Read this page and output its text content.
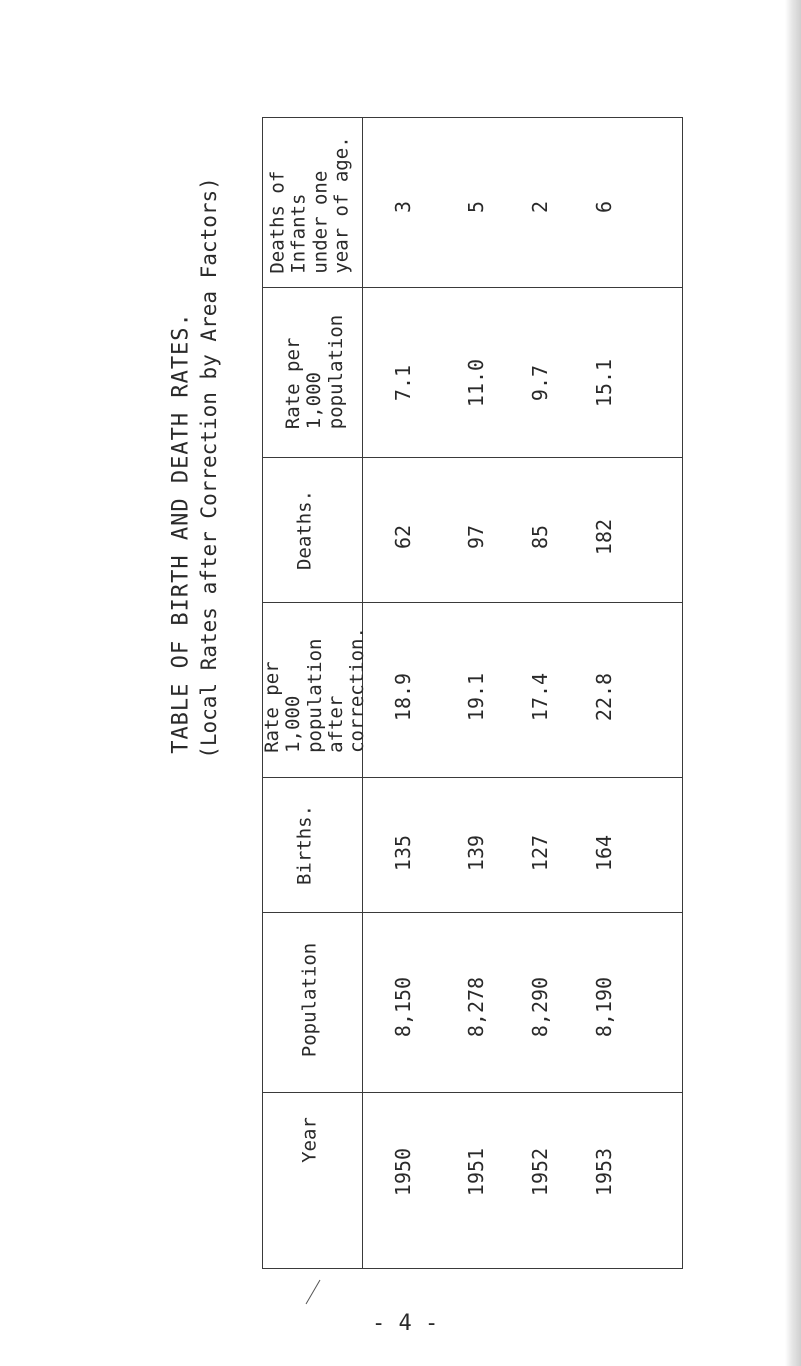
TABLE OF BIRTH AND DEATH RATES. (Local Rates after Correction by Area Factors)
Year
Population
Births.
Rate per
1,000
population
after
correction.
Deaths.
Rate per
1,000
population
Deaths of
Infants
under one
year of age.
1950
8,150
135
18.9
62
7.1
3
1951
8,278
139
19.1
97
11.0
5
1952
8,290
127
17.4
85
9.7
2
1953
8,190
164
22.8
182
15.1
6
- 4 -
